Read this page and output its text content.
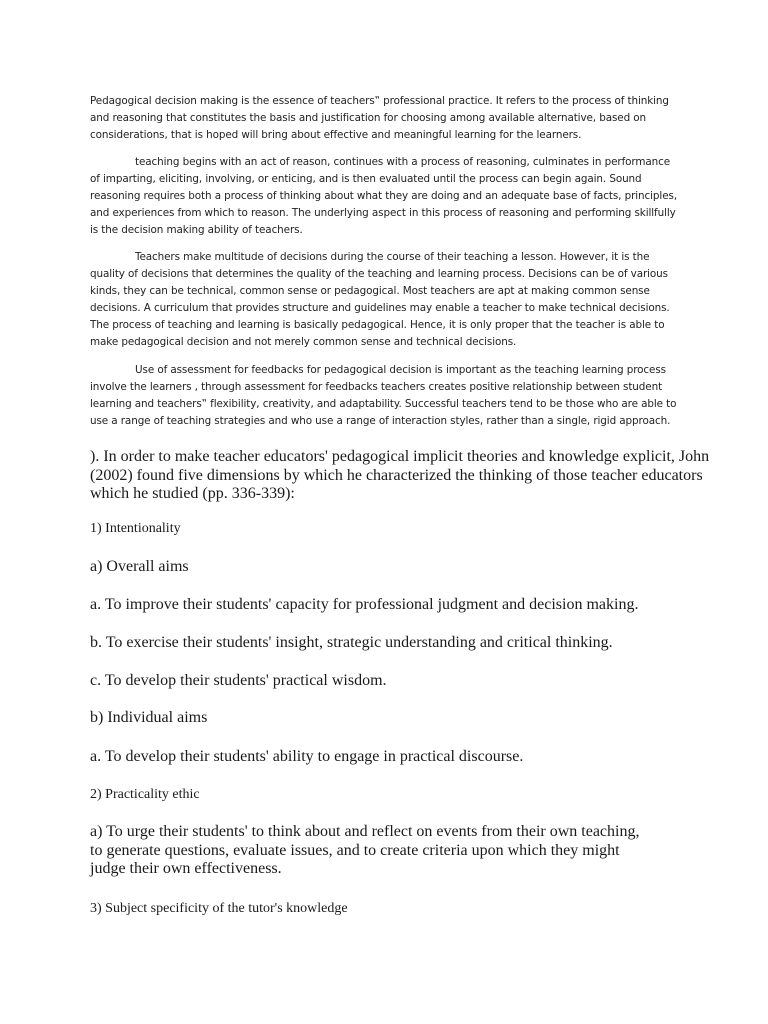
Pedagogical decision making is the essence of teachers‟ professional practice. It refers to the process of thinking
and reasoning that constitutes the basis and justification for choosing among available alternative, based on
considerations, that is hoped will bring about effective and meaningful learning for the learners.

teaching begins with an act of reason, continues with a process of reasoning, culminates in performance
of imparting, eliciting, involving, or enticing, and is then evaluated until the process can begin again. Sound
reasoning requires both a process of thinking about what they are doing and an adequate base of facts, principles,
and experiences from which to reason. The underlying aspect in this process of reasoning and performing skillfully
is the decision making ability of teachers.

Teachers make multitude of decisions during the course of their teaching a lesson. However, it is the
quality of decisions that determines the quality of the teaching and learning process. Decisions can be of various
kinds, they can be technical, common sense or pedagogical. Most teachers are apt at making common sense
decisions. A curriculum that provides structure and guidelines may enable a teacher to make technical decisions.
The process of teaching and learning is basically pedagogical. Hence, it is only proper that the teacher is able to
make pedagogical decision and not merely common sense and technical decisions.

Use of assessment for feedbacks for pedagogical decision is important as the teaching learning process
involve the learners , through assessment for feedbacks teachers creates positive relationship between student
learning and teachers‟ flexibility, creativity, and adaptability. Successful teachers tend to be those who are able to
use a range of teaching strategies and who use a range of interaction styles, rather than a single, rigid approach.

). In order to make teacher educators' pedagogical implicit theories and knowledge explicit, John
(2002) found five dimensions by which he characterized the thinking of those teacher educators
which he studied (pp. 336-339):

1) Intentionality

a) Overall aims

a. To improve their students' capacity for professional judgment and decision making.

b. To exercise their students' insight, strategic understanding and critical thinking.

c. To develop their students' practical wisdom.

b) Individual aims

a. To develop their students' ability to engage in practical discourse.

2) Practicality ethic

a) To urge their students' to think about and reflect on events from their own teaching,
to generate questions, evaluate issues, and to create criteria upon which they might
judge their own effectiveness.

3) Subject specificity of the tutor's knowledge
